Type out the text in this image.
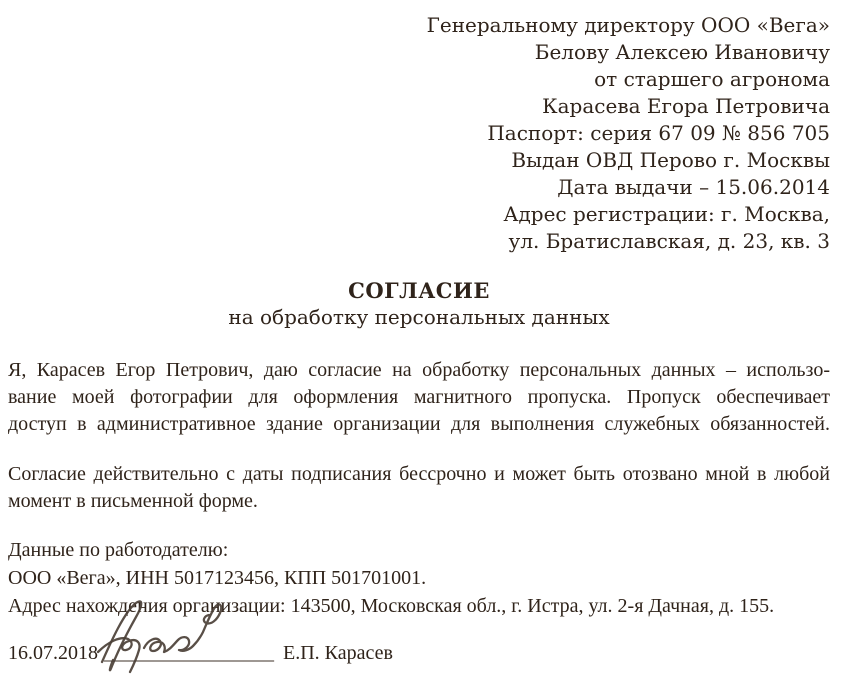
Генеральному директору ООО «Вега»
Белову Алексею Ивановичу
от старшего агронома
Карасева Егора Петровича
Паспорт: серия 67 09 № 856 705
Выдан ОВД Перово г. Москвы
Дата выдачи – 15.06.2014
Адрес регистрации: г. Москва,
ул. Братиславская, д. 23, кв. 3
СОГЛАСИЕ
на обработку персональных данных
Я, Карасев Егор Петрович, даю согласие на обработку персональных данных – использо-
вание моей фотографии для оформления магнитного пропуска. Пропуск обеспечивает
доступ в административное здание организации для выполнения служебных обязанностей.
Согласие действительно с даты подписания бессрочно и может быть отозвано мной в любой
момент в письменной форме.
Данные по работодателю:
ООО «Вега», ИНН 5017123456, КПП 501701001.
Адрес нахождения организации: 143500, Московская обл., г. Истра, ул. 2-я Дачная, д. 155.
16.07.2018 _________________ Е.П. Карасев
